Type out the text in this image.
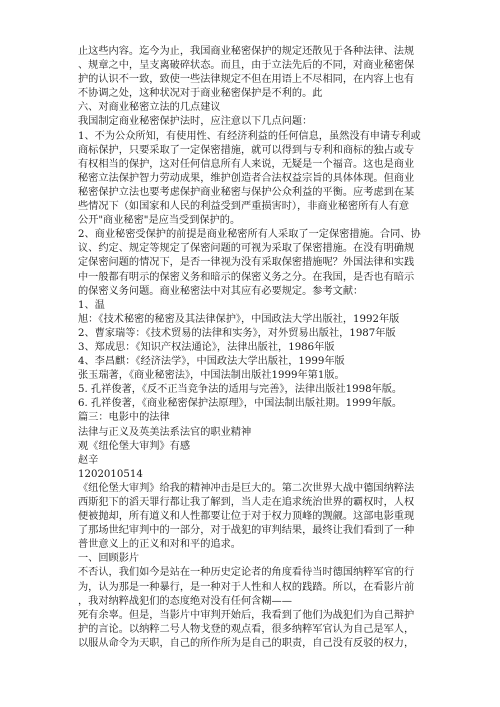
止这些内容。迄今为止，我国商业秘密保护的规定还散见于各种法律、法规
、规章之中，呈支离破碎状态。而且，由于立法先后的不同，对商业秘密保
护的认识不一致，致使一些法律规定不但在用语上不尽相同，在内容上也有
不协调之处，这种状况对于商业秘密保护是不利的。此
六、对商业秘密立法的几点建议
我国制定商业秘密保护法时，应注意以下几点问题：
1、不为公众所知，有使用性、有经济利益的任何信息，虽然没有申请专利或
商标保护，只要采取了一定保密措施，就可以得到与专利和商标的独占或专
有权相当的保护，这对任何信息所有人来说，无疑是一个福音。这也是商业
秘密立法保护智力劳动成果，维护创造者合法权益宗旨的具体体现。但商业
秘密保护立法也要考虑保护商业秘密与保护公众利益的平衡。应考虑到在某
些情况下（如国家和人民的利益受到严重损害时），非商业秘密所有人有意
公开"商业秘密"是应当受到保护的。
2、商业秘密受保护的前提是商业秘密所有人采取了一定保密措施。合同、协
议、约定、规定等规定了保密问题的可视为采取了保密措施。在没有明确规
定保密问题的情况下，是否一律视为没有采取保密措施呢？外国法律和实践
中一般都有明示的保密义务和暗示的保密义务之分。在我国，是否也有暗示
的保密义务问题。商业秘密法中对其应有必要规定。参考文献：
1、温
旭：《技术秘密的秘密及其法律保护》，中国政法大学出版社，1992年版
2、曹家瑞等：《技术贸易的法律和实务》，对外贸易出版社，1987年版
3、郑成思：《知识产权法通论》，法律出版社，1986年版
4、李昌麒：《经济法学》，中国政法大学出版社，1999年版
张玉瑞著，《商业秘密法》，中国法制出版社1999年第1版。
5. 孔祥俊著，《反不正当竞争法的适用与完善》，法律出版社1998年版。
6. 孔祥俊著，《商业秘密保护法原理》，中国法制出版社期。1999年版。
篇三：电影中的法律
法律与正义及英美法系法官的职业精神
观《纽伦堡大审判》有感
赵辛
1202010514
《纽伦堡大审判》给我的精神冲击是巨大的。第二次世界大战中德国纳粹法
西斯犯下的滔天罪行都让我了解到，当人走在追求统治世界的霸权时，人权
便被抛却，所有道义和人性都要让位于对于权力顶峰的觊觎。这部电影重现
了那场世纪审判中的一部分，对于战犯的审判结果，最终让我们看到了一种
普世意义上的正义和对和平的追求。
一、回顾影片
不否认，我们如今是站在一种历史定论者的角度看待当时德国纳粹军官的行
为，认为那是一种暴行，是一种对于人性和人权的践踏。所以，在看影片前
，我对纳粹战犯们的态度绝对没有任何含糊——
死有余辜。但是，当影片中审判开始后，我看到了他们为战犯们为自己辩护
护的言论。以纳粹二号人物戈登的观点看，很多纳粹军官认为自己是军人，
以服从命令为天职，自己的所作所为是自己的职责，自己没有反驳的权力，
